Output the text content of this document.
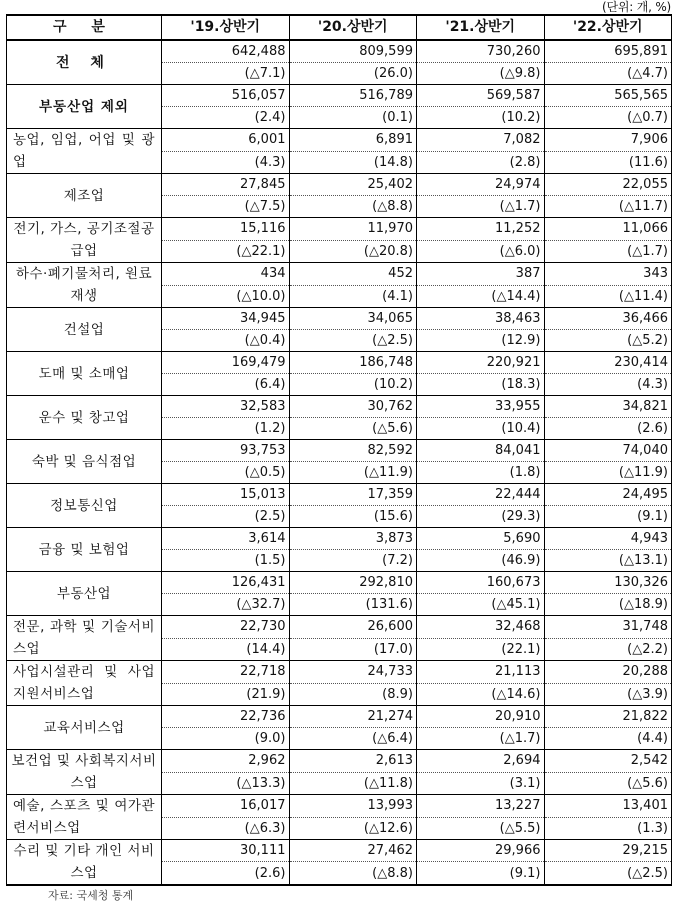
(단위: 개, %)
구 분	'19.상반기	'20.상반기	'21.상반기	'22.상반기
전 체	642,488	809,599	730,260	695,891
	(△7.1)	(26.0)	(△9.8)	(△4.7)
부동산업 제외	516,057	516,789	569,587	565,565
	(2.4)	(0.1)	(10.2)	(△0.7)
농업, 임업, 어업 및 광업	6,001	6,891	7,082	7,906
	(4.3)	(14.8)	(2.8)	(11.6)
제조업	27,845	25,402	24,974	22,055
	(△7.5)	(△8.8)	(△1.7)	(△11.7)
전기, 가스, 공기조절공급업	15,116	11,970	11,252	11,066
	(△22.1)	(△20.8)	(△6.0)	(△1.7)
하수·폐기물처리, 원료재생	434	452	387	343
	(△10.0)	(4.1)	(△14.4)	(△11.4)
건설업	34,945	34,065	38,463	36,466
	(△0.4)	(△2.5)	(12.9)	(△5.2)
도매 및 소매업	169,479	186,748	220,921	230,414
	(6.4)	(10.2)	(18.3)	(4.3)
운수 및 창고업	32,583	30,762	33,955	34,821
	(1.2)	(△5.6)	(10.4)	(2.6)
숙박 및 음식점업	93,753	82,592	84,041	74,040
	(△0.5)	(△11.9)	(1.8)	(△11.9)
정보통신업	15,013	17,359	22,444	24,495
	(2.5)	(15.6)	(29.3)	(9.1)
금융 및 보험업	3,614	3,873	5,690	4,943
	(1.5)	(7.2)	(46.9)	(△13.1)
부동산업	126,431	292,810	160,673	130,326
	(△32.7)	(131.6)	(△45.1)	(△18.9)
전문, 과학 및 기술서비스업	22,730	26,600	32,468	31,748
	(14.4)	(17.0)	(22.1)	(△2.2)
사업시설관리 및 사업지원서비스업	22,718	24,733	21,113	20,288
	(21.9)	(8.9)	(△14.6)	(△3.9)
교육서비스업	22,736	21,274	20,910	21,822
	(9.0)	(△6.4)	(△1.7)	(4.4)
보건업 및 사회복지서비스업	2,962	2,613	2,694	2,542
	(△13.3)	(△11.8)	(3.1)	(△5.6)
예술, 스포츠 및 여가관련서비스업	16,017	13,993	13,227	13,401
	(△6.3)	(△12.6)	(△5.5)	(1.3)
수리 및 기타 개인 서비스업	30,111	27,462	29,966	29,215
	(2.6)	(△8.8)	(9.1)	(△2.5)
자료: 국세청 통계
